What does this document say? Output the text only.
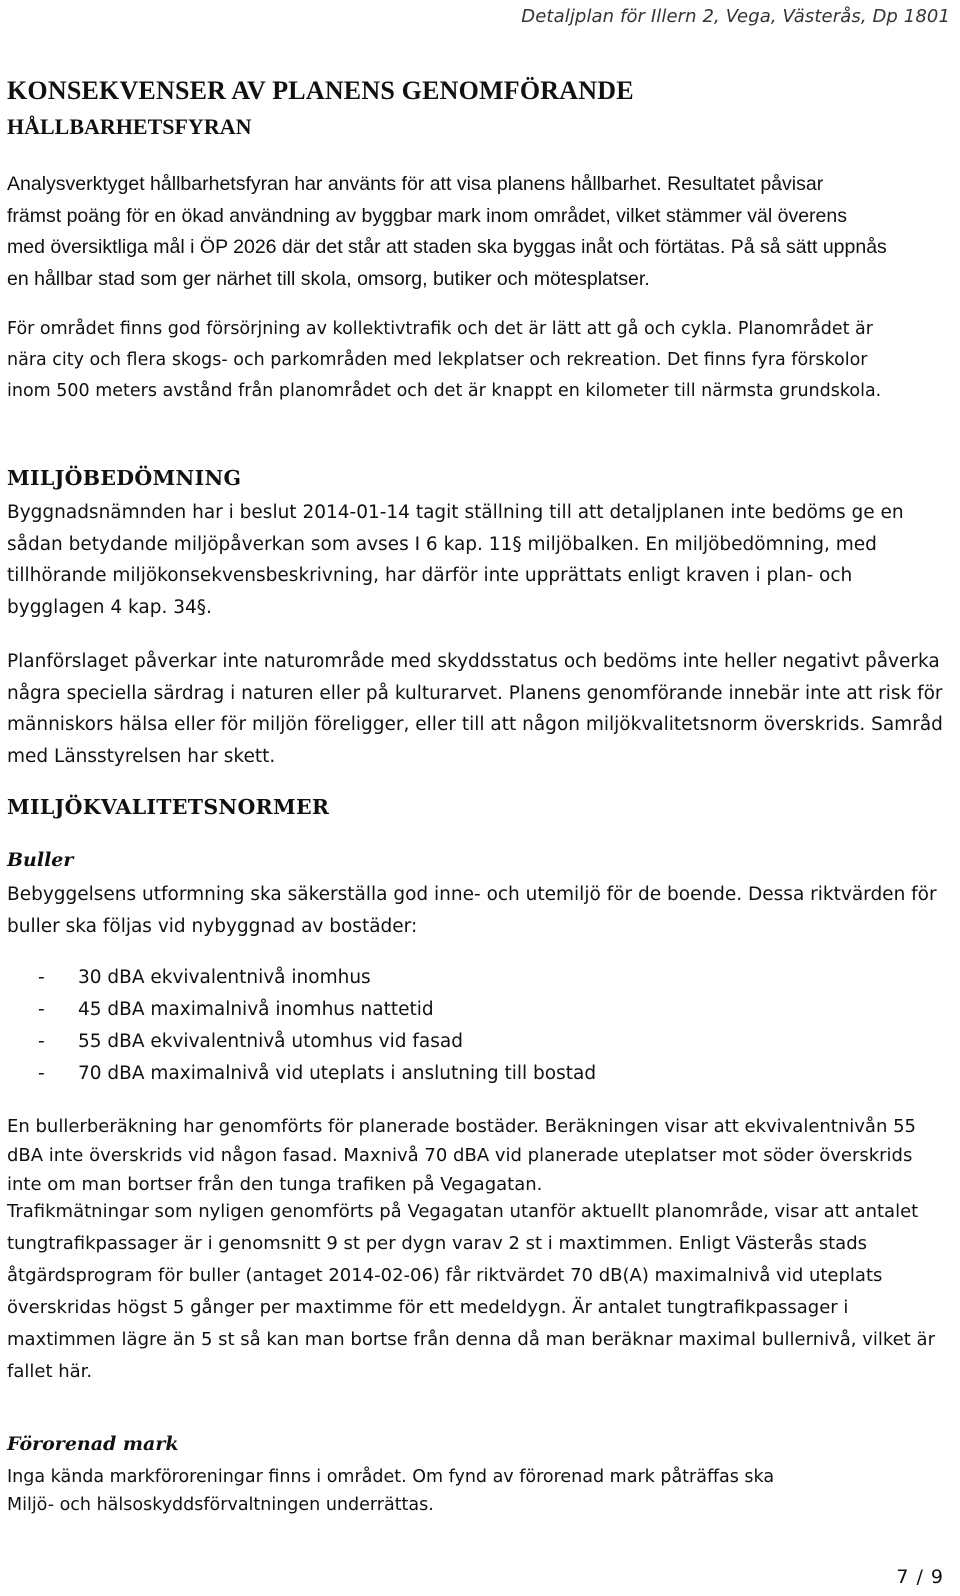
Detaljplan för Illern 2, Vega, Västerås, Dp 1801
KONSEKVENSER AV PLANENS GENOMFÖRANDE
HÅLLBARHETSFYRAN
Analysverktyget hållbarhetsfyran har använts för att visa planens hållbarhet. Resultatet påvisar
främst poäng för en ökad användning av byggbar mark inom området, vilket stämmer väl överens
med översiktliga mål i ÖP 2026 där det står att staden ska byggas inåt och förtätas. På så sätt uppnås
en hållbar stad som ger närhet till skola, omsorg, butiker och mötesplatser.
För området finns god försörjning av kollektivtrafik och det är lätt att gå och cykla. Planområdet är
nära city och flera skogs- och parkområden med lekplatser och rekreation. Det finns fyra förskolor
inom 500 meters avstånd från planområdet och det är knappt en kilometer till närmsta grundskola.
MILJÖBEDÖMNING
Byggnadsnämnden har i beslut 2014-01-14 tagit ställning till att detaljplanen inte bedöms ge en
sådan betydande miljöpåverkan som avses I 6 kap. 11§ miljöbalken. En miljöbedömning, med
tillhörande miljökonsekvensbeskrivning, har därför inte upprättats enligt kraven i plan- och
bygglagen 4 kap. 34§.
Planförslaget påverkar inte naturområde med skyddsstatus och bedöms inte heller negativt påverka
några speciella särdrag i naturen eller på kulturarvet. Planens genomförande innebär inte att risk för
människors hälsa eller för miljön föreligger, eller till att någon miljökvalitetsnorm överskrids. Samråd
med Länsstyrelsen har skett.
MILJÖKVALITETSNORMER
Buller
Bebyggelsens utformning ska säkerställa god inne- och utemiljö för de boende. Dessa riktvärden för
buller ska följas vid nybyggnad av bostäder:
-	30 dBA ekvivalentnivå inomhus
-	45 dBA maximalnivå inomhus nattetid
-	55 dBA ekvivalentnivå utomhus vid fasad
-	70 dBA maximalnivå vid uteplats i anslutning till bostad
En bullerberäkning har genomförts för planerade bostäder. Beräkningen visar att ekvivalentnivån 55
dBA inte överskrids vid någon fasad. Maxnivå 70 dBA vid planerade uteplatser mot söder överskrids
inte om man bortser från den tunga trafiken på Vegagatan.
Trafikmätningar som nyligen genomförts på Vegagatan utanför aktuellt planområde, visar att antalet
tungtrafikpassager är i genomsnitt 9 st per dygn varav 2 st i maxtimmen. Enligt Västerås stads
åtgärdsprogram för buller (antaget 2014-02-06) får riktvärdet 70 dB(A) maximalnivå vid uteplats
överskridas högst 5 gånger per maxtimme för ett medeldygn. Är antalet tungtrafikpassager i
maxtimmen lägre än 5 st så kan man bortse från denna då man beräknar maximal bullernivå, vilket är
fallet här.
Förorenad mark
Inga kända markföroreningar finns i området. Om fynd av förorenad mark påträffas ska
Miljö- och hälsoskyddsförvaltningen underrättas.
7 / 9
